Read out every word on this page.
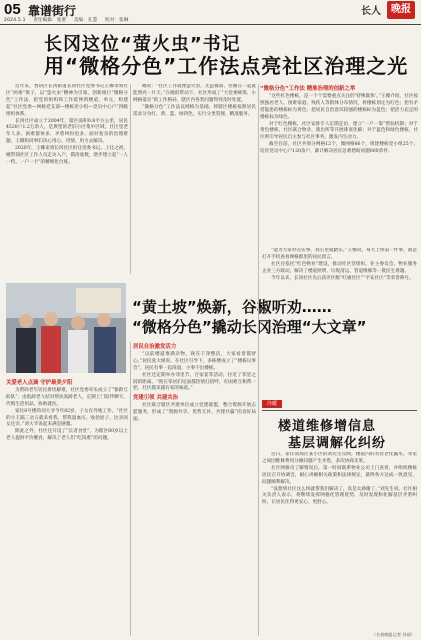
05 靠谱街行
2024.5.1 责任编辑：张蕾 美编：孔慧 校对：张琳
长人	晚报
长冈这位“萤火虫”书记
用“微格分色”工作法点亮社区治理之光

近年来，香坊区长冈街道长冈社区党委书记王娜带领社区“两委”班子，以“萤火虫”精神为引领，创新推行“微格分色”工作法，把党的组织和工作延伸到楼道、单元，构建起“社区党委—网格党支部—楼栋党小组—党员中心户”四级组织体系。

长冈社区成立于2004年，辖区面积0.8平方公里，居民4520户1.2万余人，是典型的老旧小区集中区域。社区里老年人多、困难群体多，矛盾纠纷也多。面对复杂的治理难题，王娜和同事们决心用心、用情、用力去解决。

2020年，王娜来到长冈社区担任党委书记。上任之初，她带领社区工作人员走访入户，摸清底数，逐步建立起“一人一档、一户一卡”的精细化台账。

她说：“社区工作就像萤火虫，光虽微弱，但聚在一起就能照亮一片天。”在她的带动下，社区形成了“大党委统筹、小网格落实”的工作格局，辖区内各类问题得到及时处置。

“微格分色”工作法以网格为基础，将辖区楼栋按照居民需求分为红、黄、蓝、绿四色，实行分类管理、精准服务。

“微格分色”工作法 精准治理的创新之举

“这些红色楼栋，是一个个需要重点关注的‘特殊群体’。”王娜介绍。社区按照独居老人、困难家庭、残疾人等群体分布情况，将楼栋划定为红色；把有矛盾隐患的楼栋标为黄色；把居民自治意识较强的楼栋标为蓝色；把活力充足的楼栋标为绿色。

对于红色楼栋，社区安排专人定期走访，建立“一户一策”帮扶机制；对于黄色楼栋，社区联合物业、派出所等开展排查化解；对于蓝色和绿色楼栋，社区则引导居民自主参与社区事务，激发内生动力。

截至目前，社区共划分网格12个，微网格86个，组建楼栋党小组25个，培育党员中心户120余户，累计解决居民急难愁盼问题600余件。

“黄土坡”焕新，谷椒听劝……
“微格分色”撬动长冈治理“大文章”

关爱老人点滴 守护最美夕阳

为帮助老年居民排忧解难，社区党委牵头成立了“银龄互助队”，由低龄老人结对帮扶高龄老人，定期上门陪伴聊天、代购生活用品、协助就医。

家住8号楼的刘大爷今年82岁，子女在外地工作。“社区的小王隔三岔五就来看我，帮我量血压、收拾屋子，比亲闺女还亲。”刘大爷说起来满是感激。

除此之外，社区还开设了“长者食堂”，为辖区60岁以上老人提供平价餐食，解决了老人们“吃饭难”的问题。

居民自治激发活力

“以前楼道堆满杂物，现在干净整洁，大家看着都舒心。”居民张大姐说。在社区引导下，多栋楼成立了“楼栋议事会”，居民有事一起商量，小事不出楼栋。

社区还定期举办邻里节、百家宴等活动，拉近了邻里之间的距离。“现在邻居们见面都热情打招呼，有困难互相帮一把，社区越来越有家的味道。”

党建引领 共建共治

社区联合辖区共建单位成立党建联盟，整合资源开展志愿服务，形成了“资源共享、优势互补、共建共赢”的良好局面。

“能为大家办点实事，我心里就踏实。”王娜说，每天上班第一件事，就是打开手机查看网格群里的居民留言。

社区还依托“红色物业”建设，推动社区党组织、业主委员会、物业服务企业三方联动，解决了楼道照明、垃圾清运、管道维修等一批民生难题。

今年以来，长冈社区先后获评区级“红旗社区”“平安社区”等荣誉称号。

冷暖
楼道维修增信息
基层调解化纠纷

近日，家住南岗区某小区的刘先生反映，楼道内的水管老化漏水，邻里之间因维修费用分摊问题产生矛盾，多次协商未果。

社区网格员了解情况后，第一时间联系物业公司上门查看，并组织楼栋居民召开协调会，耐心讲解相关政策和法律规定，最终各方达成一致意见，问题顺利解决。

“没想到社区这么快就帮我们解决了，真是太感谢了。”刘先生说。社区相关负责人表示，将继续发挥网格化管理优势，及时发现和化解基层矛盾纠纷，让居民住得更安心、更舒心。

（长春晚报记者 孙丽）
